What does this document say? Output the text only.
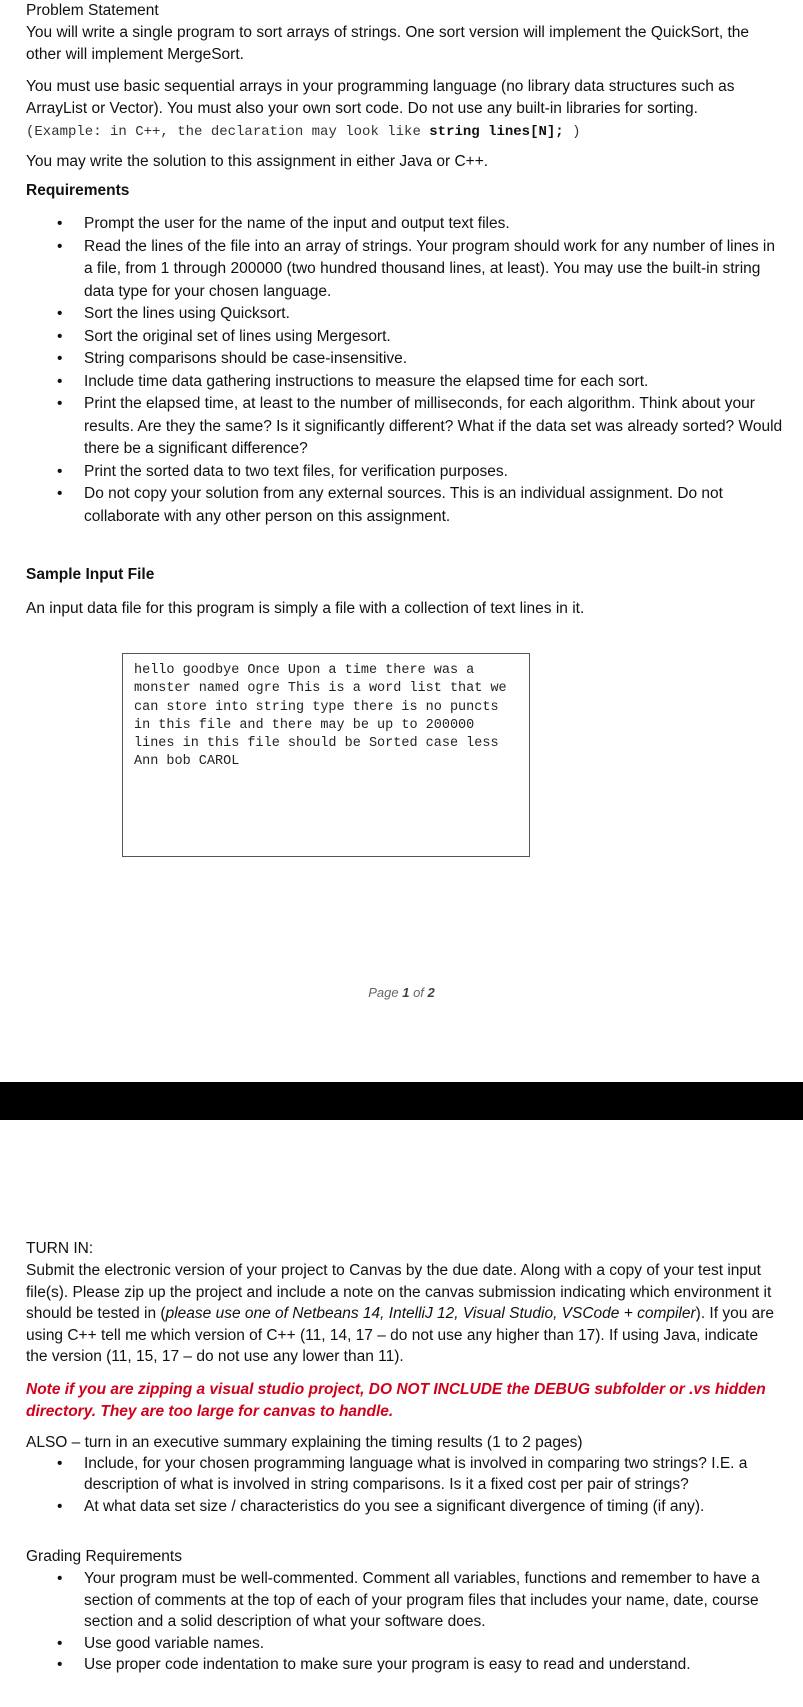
Problem Statement

You will write a single program to sort arrays of strings. One sort version will implement the QuickSort, the other will implement MergeSort.

You must use basic sequential arrays in your programming language (no library data structures such as ArrayList or Vector). You must also your own sort code. Do not use any built-in libraries for sorting.
(Example: in C++, the declaration may look like string lines[N]; )

You may write the solution to this assignment in either Java or C++.

Requirements
• Prompt the user for the name of the input and output text files.
• Read the lines of the file into an array of strings. Your program should work for any number of lines in a file, from 1 through 200000 (two hundred thousand lines, at least). You may use the built-in string data type for your chosen language.
• Sort the lines using Quicksort.
• Sort the original set of lines using Mergesort.
• String comparisons should be case-insensitive.
• Include time data gathering instructions to measure the elapsed time for each sort.
• Print the elapsed time, at least to the number of milliseconds, for each algorithm. Think about your results. Are they the same? Is it significantly different? What if the data set was already sorted? Would there be a significant difference?
• Print the sorted data to two text files, for verification purposes.
• Do not copy your solution from any external sources. This is an individual assignment. Do not collaborate with any other person on this assignment.
Sample Input File

An input data file for this program is simply a file with a collection of text lines in it.

hello goodbye Once Upon a time there was a monster named ogre This is a word list that we can store into string type there is no puncts in this file and there may be up to 200000 lines in this file should be Sorted case less Ann bob CAROL
Page 1 of 2
TURN IN:

Submit the electronic version of your project to Canvas by the due date. Along with a copy of your test input file(s). Please zip up the project and include a note on the canvas submission indicating which environment it should be tested in (please use one of Netbeans 14, IntelliJ 12, Visual Studio, VSCode + compiler). If you are using C++ tell me which version of C++ (11, 14, 17 – do not use any higher than 17). If using Java, indicate the version (11, 15, 17 – do not use any lower than 11).

Note if you are zipping a visual studio project, DO NOT INCLUDE the DEBUG subfolder or .vs hidden directory. They are too large for canvas to handle.

ALSO – turn in an executive summary explaining the timing results (1 to 2 pages)
• Include, for your chosen programming language what is involved in comparing two strings? I.E. a description of what is involved in string comparisons. Is it a fixed cost per pair of strings?
• At what data set size / characteristics do you see a significant divergence of timing (if any).
Grading Requirements
• Your program must be well-commented. Comment all variables, functions and remember to have a section of comments at the top of each of your program files that includes your name, date, course section and a solid description of what your software does.
• Use good variable names.
• Use proper code indentation to make sure your program is easy to read and understand.
